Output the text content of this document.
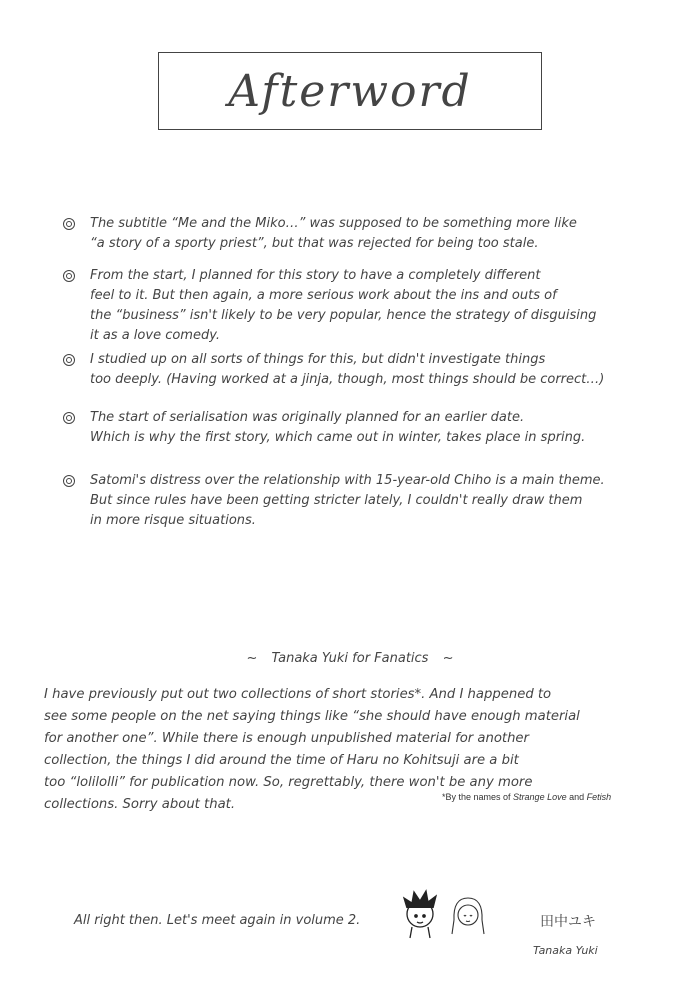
Afterword
The subtitle “Me and the Miko…” was supposed to be something more like
“a story of a sporty priest”, but that was rejected for being too stale.
From the start, I planned for this story to have a completely different
feel to it. But then again, a more serious work about the ins and outs of
the “business” isn't likely to be very popular, hence the strategy of disguising
it as a love comedy.
I studied up on all sorts of things for this, but didn't investigate things
too deeply. (Having worked at a jinja, though, most things should be correct…)
The start of serialisation was originally planned for an earlier date.
Which is why the first story, which came out in winter, takes place in spring.
Satomi's distress over the relationship with 15-year-old Chiho is a main theme.
But since rules have been getting stricter lately, I couldn't really draw them
in more risque situations.
~ Tanaka Yuki for Fanatics ~
I have previously put out two collections of short stories*. And I happened to
see some people on the net saying things like “she should have enough material
for another one”. While there is enough unpublished material for another
collection, the things I did around the time of Haru no Kohitsuji are a bit
too “lolilolli” for publication now. So, regrettably, there won't be any more
collections. Sorry about that.	*By the names of Strange Love and Fetish
All right then. Let's meet again in volume 2.	田中ユキ
Tanaka Yuki
